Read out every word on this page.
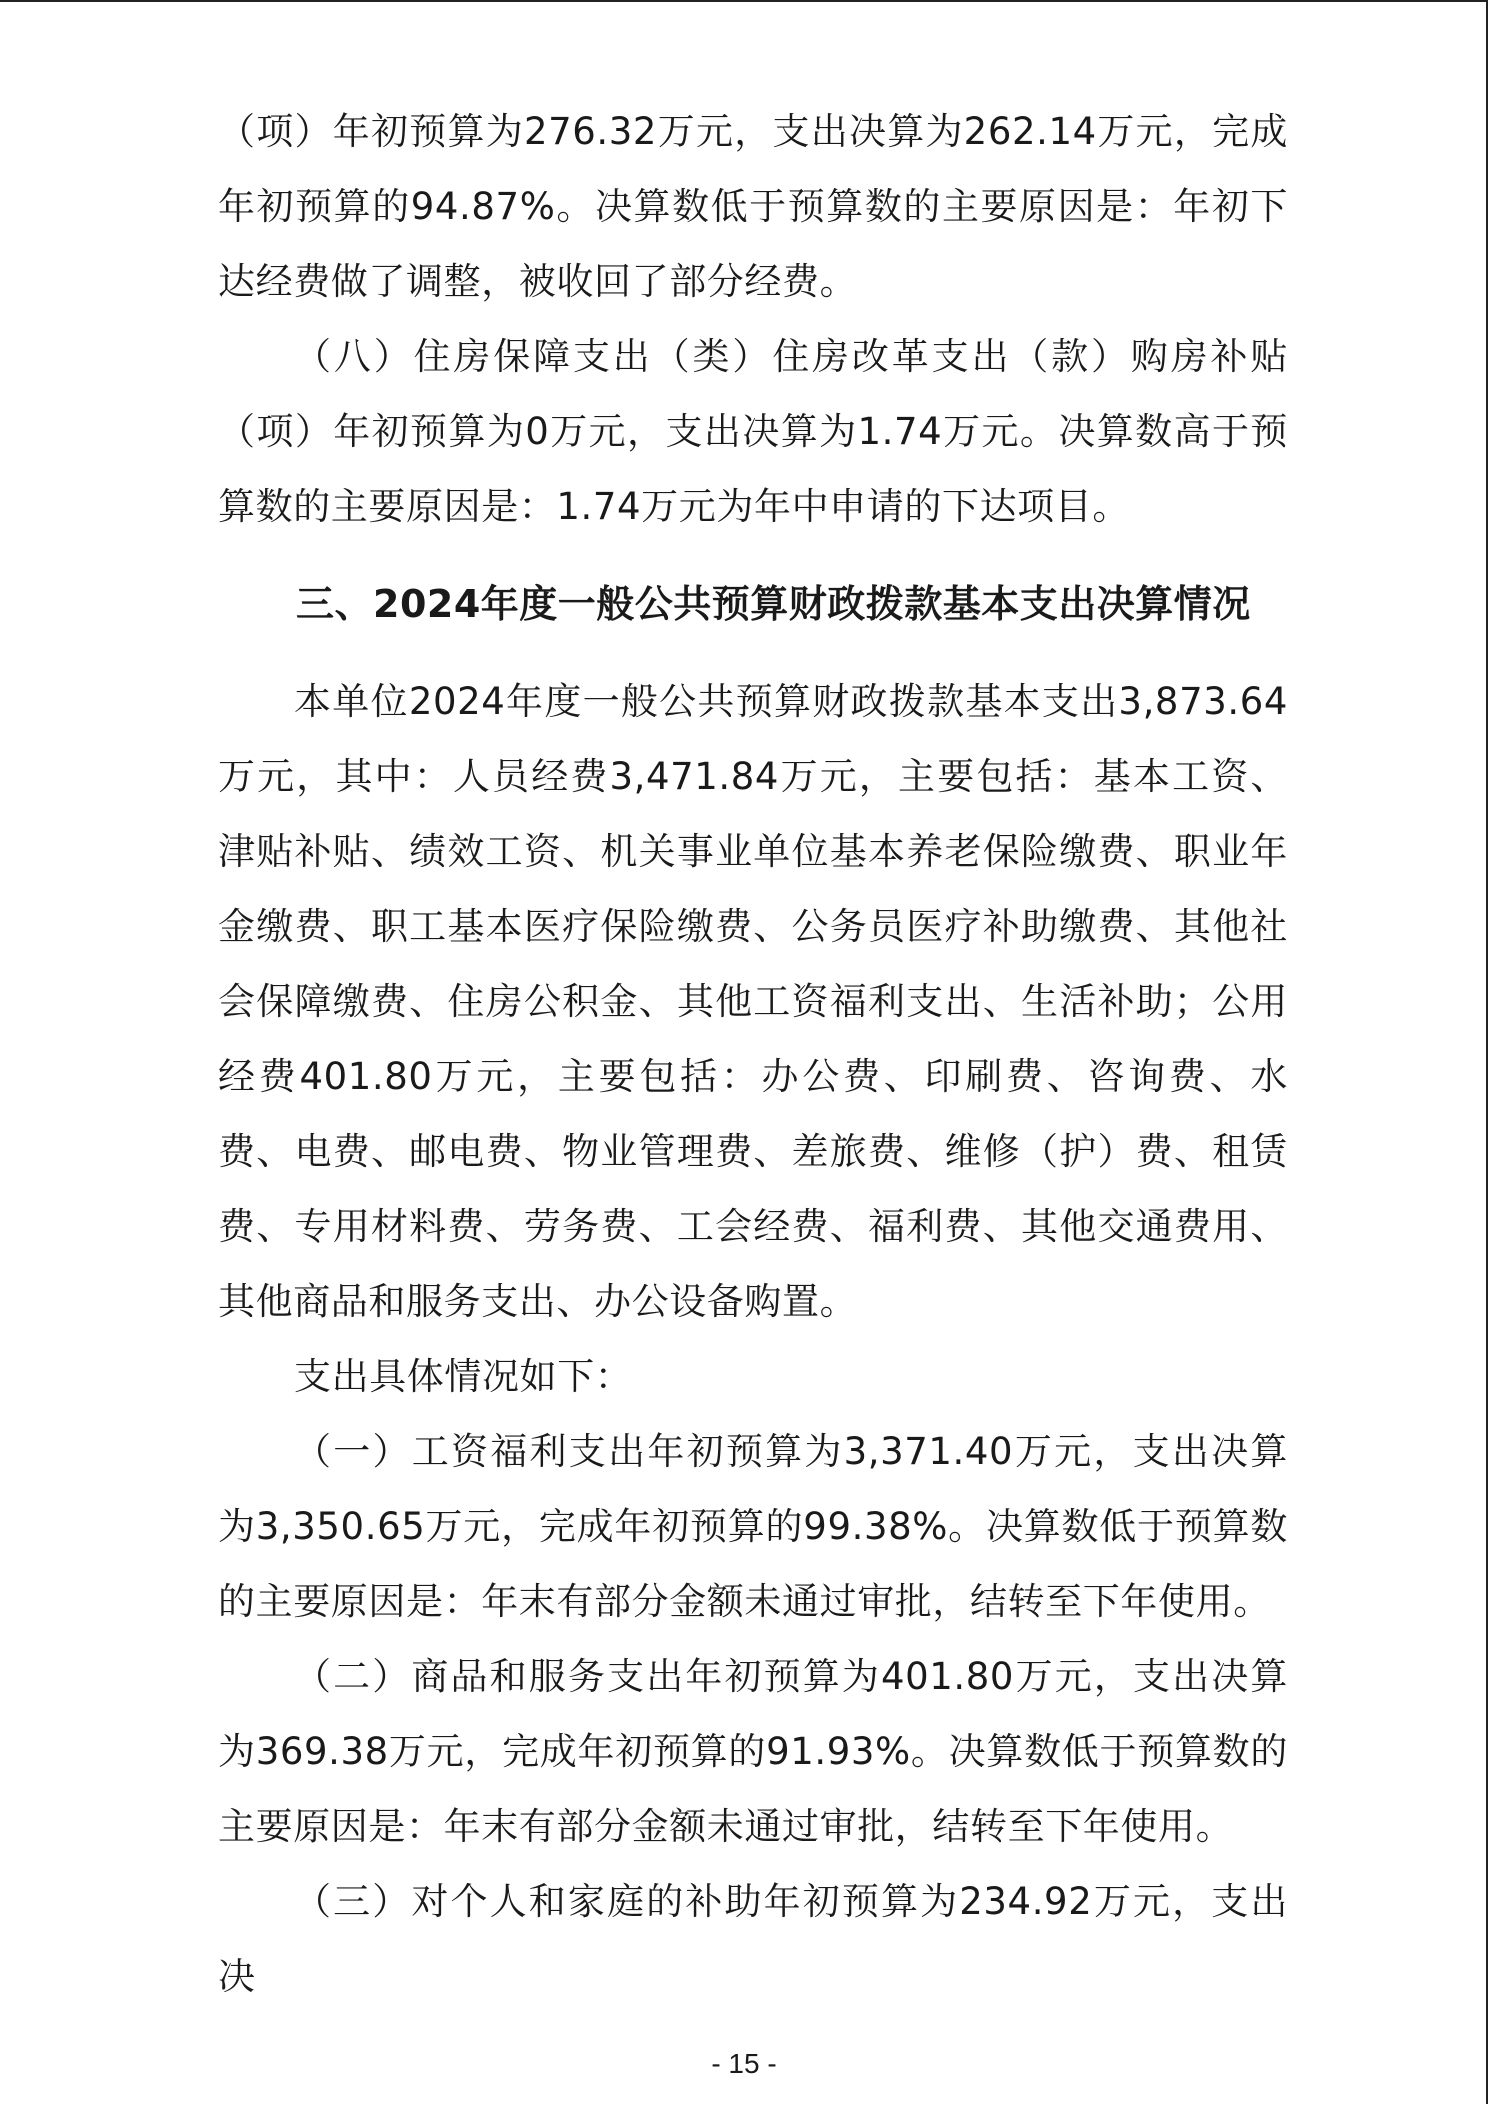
（项）年初预算为276.32万元，支出决算为262.14万元，完成年初预算的94.87%。决算数低于预算数的主要原因是：年初下达经费做了调整，被收回了部分经费。

（八）住房保障支出（类）住房改革支出（款）购房补贴（项）年初预算为0万元，支出决算为1.74万元。决算数高于预算数的主要原因是：1.74万元为年中申请的下达项目。

三、2024年度一般公共预算财政拨款基本支出决算情况

本单位2024年度一般公共预算财政拨款基本支出3,873.64万元，其中：人员经费3,471.84万元，主要包括：基本工资、津贴补贴、绩效工资、机关事业单位基本养老保险缴费、职业年金缴费、职工基本医疗保险缴费、公务员医疗补助缴费、其他社会保障缴费、住房公积金、其他工资福利支出、生活补助；公用经费401.80万元，主要包括：办公费、印刷费、咨询费、水费、电费、邮电费、物业管理费、差旅费、维修（护）费、租赁费、专用材料费、劳务费、工会经费、福利费、其他交通费用、其他商品和服务支出、办公设备购置。

支出具体情况如下：

（一）工资福利支出年初预算为3,371.40万元，支出决算为3,350.65万元，完成年初预算的99.38%。决算数低于预算数的主要原因是：年末有部分金额未通过审批，结转至下年使用。

（二）商品和服务支出年初预算为401.80万元，支出决算为369.38万元，完成年初预算的91.93%。决算数低于预算数的主要原因是：年末有部分金额未通过审批，结转至下年使用。

（三）对个人和家庭的补助年初预算为234.92万元，支出决

- 15 -
